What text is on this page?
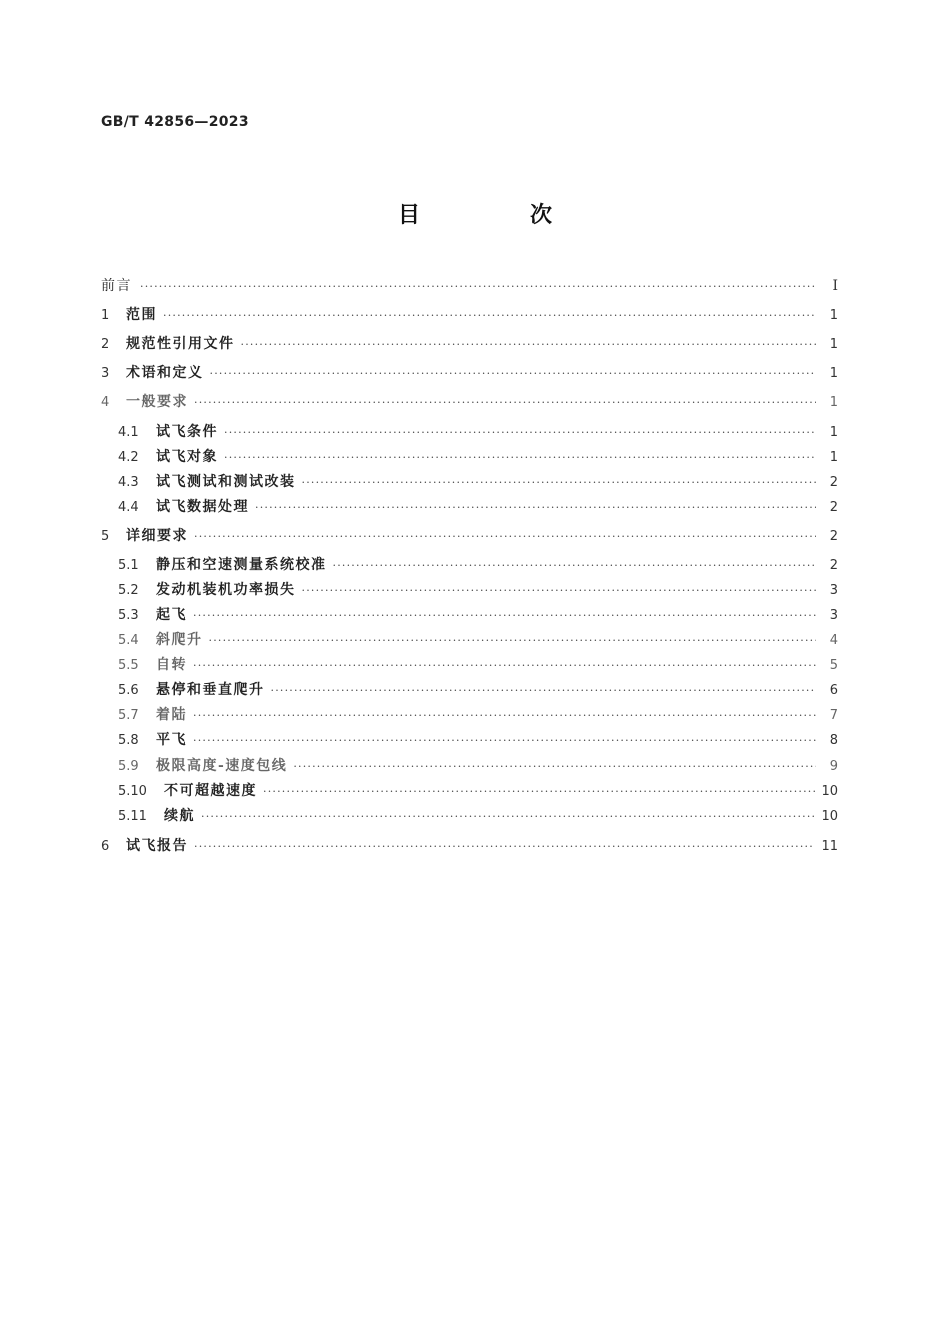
GB/T 42856—2023
目　次
前言 ·····	Ⅰ
1	范围 ·····	1
2	规范性引用文件 ·····	1
3	术语和定义 ·····	1
4	一般要求 ·····	1
4.1	试飞条件 ·····	1
4.2	试飞对象 ·····	1
4.3	试飞测试和测试改装 ·····	2
4.4	试飞数据处理 ·····	2
5	详细要求 ·····	2
5.1	静压和空速测量系统校准 ·····	2
5.2	发动机装机功率损失 ·····	3
5.3	起飞 ·····	3
5.4	斜爬升 ·····	4
5.5	自转 ·····	5
5.6	悬停和垂直爬升 ·····	6
5.7	着陆 ·····	7
5.8	平飞 ·····	8
5.9	极限高度-速度包线 ·····	9
5.10	不可超越速度 ·····	10
5.11	续航 ·····	10
6	试飞报告 ·····	11
